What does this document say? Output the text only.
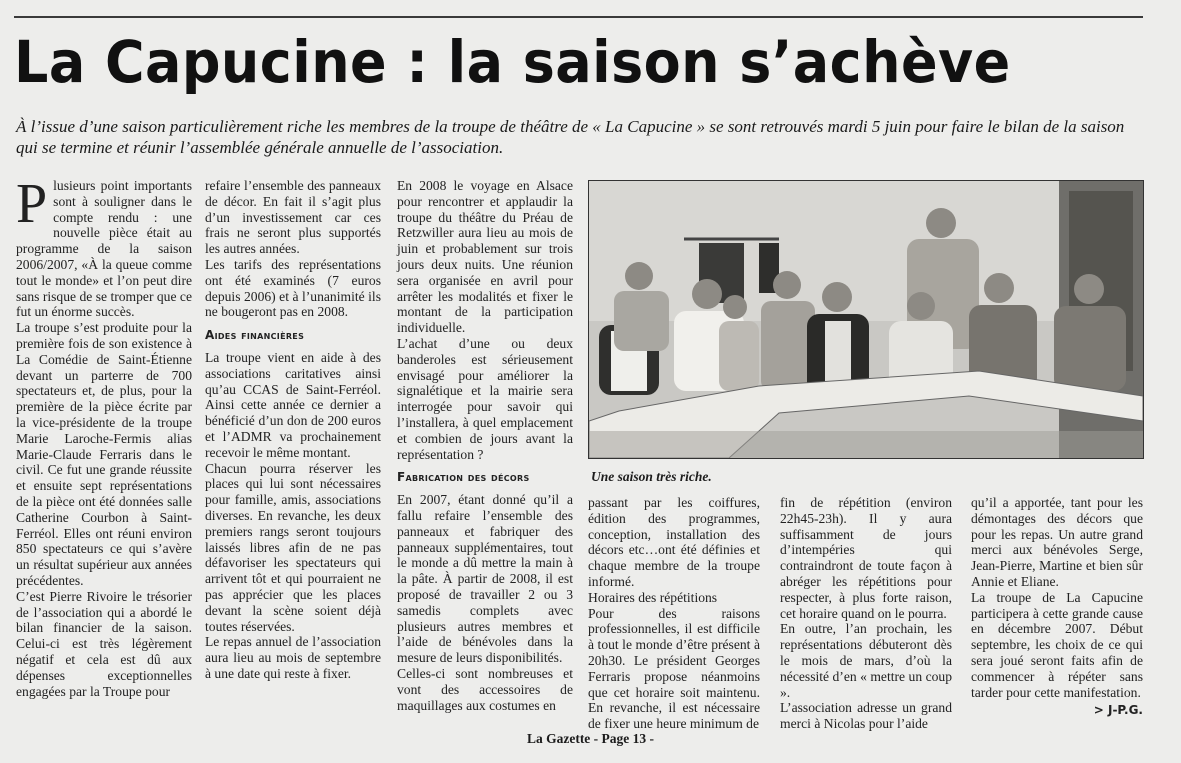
La Capucine : la saison s’achève

À l’issue d’une saison particulièrement riche les membres de la troupe de théâtre de « La Capucine » se sont retrouvés mardi 5 juin pour faire le bilan de la saison qui se termine et réunir l’assemblée générale annuelle de l’association.

Plusieurs point importants sont à souligner dans le compte rendu : une nouvelle pièce était au programme de la saison 2006/2007, «À la queue comme tout le monde» et l’on peut dire sans risque de se tromper que ce fut un énorme succès.

La troupe s’est produite pour la première fois de son existence à La Comédie de Saint-Étienne devant un parterre de 700 spectateurs et, de plus, pour la première de la pièce écrite par la vice-présidente de la troupe Marie Laroche-Fermis alias Marie-Claude Ferraris dans le civil. Ce fut une grande réussite et ensuite sept représentations de la pièce ont été données salle Catherine Courbon à Saint-Ferréol. Elles ont réuni environ 850 spectateurs ce qui s’avère un résultat supérieur aux années précédentes.

C’est Pierre Rivoire le trésorier de l’association qui a abordé le bilan financier de la saison. Celui-ci est très légèrement négatif et cela est dû aux dépenses exceptionnelles engagées par la Troupe pour

refaire l’ensemble des panneaux de décor. En fait il s’agit plus d’un investissement car ces frais ne seront plus supportés les autres années.

Les tarifs des représentations ont été examinés (7 euros depuis 2006) et à l’unanimité ils ne bougeront pas en 2008.

Aides financières

La troupe vient en aide à des associations caritatives ainsi qu’au CCAS de Saint-Ferréol. Ainsi cette année ce dernier a bénéficié d’un don de 200 euros et l’ADMR va prochainement recevoir le même montant.

Chacun pourra réserver les places qui lui sont nécessaires pour famille, amis, associations diverses. En revanche, les deux premiers rangs seront toujours laissés libres afin de ne pas défavoriser les spectateurs qui arrivent tôt et qui pourraient ne pas apprécier que les places devant la scène soient déjà toutes réservées.

Le repas annuel de l’association aura lieu au mois de septembre à une date qui reste à fixer.

En 2008 le voyage en Alsace pour rencontrer et applaudir la troupe du théâtre du Préau de Retzwiller aura lieu au mois de juin et probablement sur trois jours deux nuits. Une réunion sera organisée en avril pour arrêter les modalités et fixer le montant de la participation individuelle.

L’achat d’une ou deux banderoles est sérieusement envisagé pour améliorer la signalétique et la mairie sera interrogée pour savoir qui l’installera, à quel emplacement et combien de jours avant la représentation ?

Fabrication des décors

En 2007, étant donné qu’il a fallu refaire l’ensemble des panneaux et fabriquer des panneaux supplémentaires, tout le monde a dû mettre la main à la pâte. À partir de 2008, il est proposé de travailler 2 ou 3 samedis complets avec plusieurs autres membres et l’aide de bénévoles dans la mesure de leurs disponibilités.

Celles-ci sont nombreuses et vont des accessoires de maquillages aux costumes en

Une saison très riche.

passant par les coiffures, édition des programmes, conception, installation des décors etc…ont été définies et chaque membre de la troupe informé.

Horaires des répétitions

Pour des raisons professionnelles, il est difficile à tout le monde d’être présent à 20h30. Le président Georges Ferraris propose néanmoins que cet horaire soit maintenu. En revanche, il est nécessaire de fixer une heure minimum de

fin de répétition (environ 22h45-23h). Il y aura suffisamment de jours d’intempéries qui contraindront de toute façon à abréger les répétitions pour respecter, à plus forte raison, cet horaire quand on le pourra.

En outre, l’an prochain, les représentations débuteront dès le mois de mars, d’où la nécessité d’en « mettre un coup ».

L’association adresse un grand merci à Nicolas pour l’aide

qu’il a apportée, tant pour les démontages des décors que pour les repas. Un autre grand merci aux bénévoles Serge, Jean-Pierre, Martine et bien sûr Annie et Eliane.

La troupe de La Capucine participera à cette grande cause en décembre 2007. Début septembre, les choix de ce qui sera joué seront faits afin de commencer à répéter sans tarder pour cette manifestation.

> J-P.G.

La Gazette - Page 13 -
